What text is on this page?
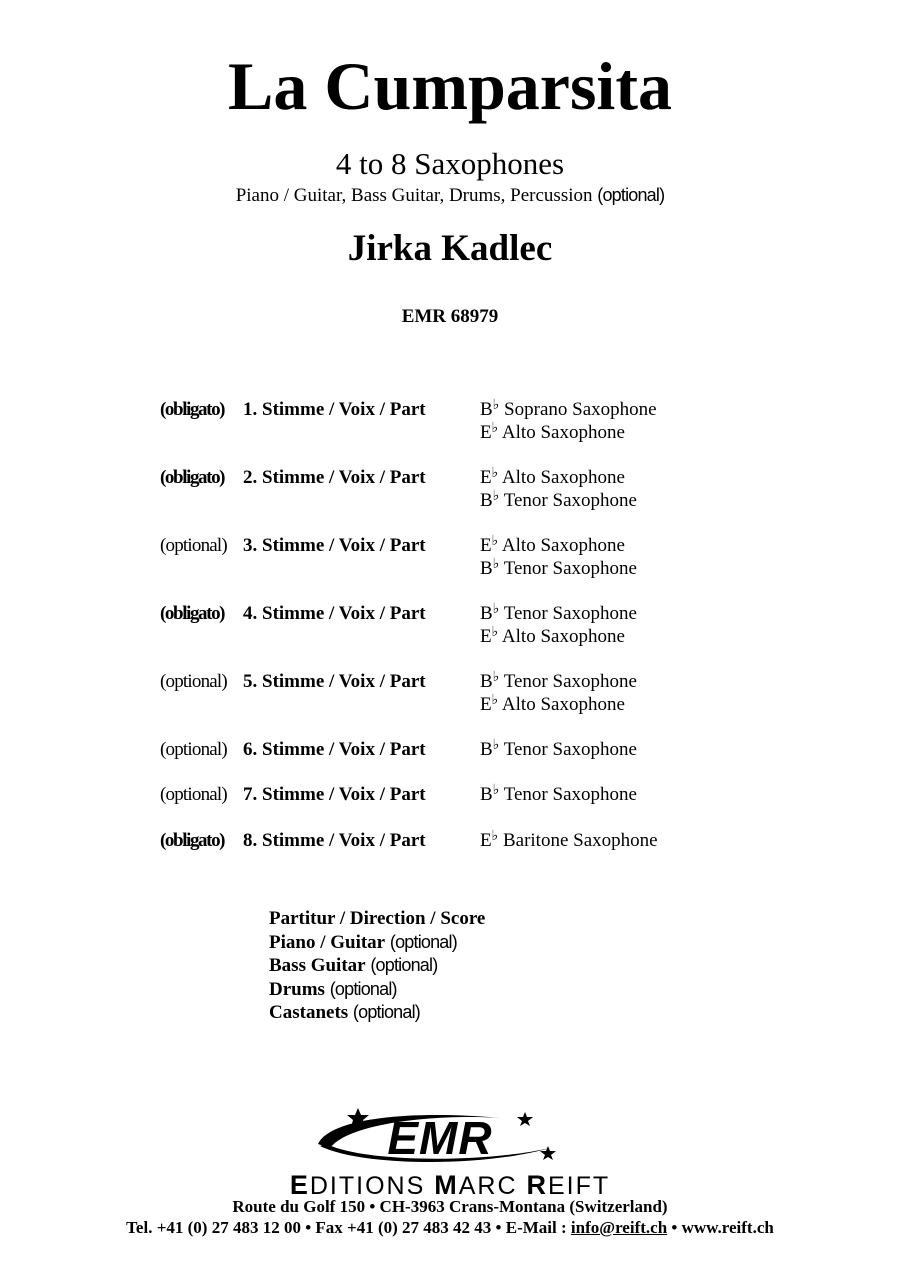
La Cumparsita
4 to 8 Saxophones
Piano / Guitar, Bass Guitar, Drums, Percussion (optional)
Jirka Kadlec
EMR 68979
(obligato) 1. Stimme / Voix / Part	B♭ Soprano Saxophone
E♭ Alto Saxophone
(obligato) 2. Stimme / Voix / Part	E♭ Alto Saxophone
B♭ Tenor Saxophone
(optional) 3. Stimme / Voix / Part	E♭ Alto Saxophone
B♭ Tenor Saxophone
(obligato) 4. Stimme / Voix / Part	B♭ Tenor Saxophone
E♭ Alto Saxophone
(optional) 5. Stimme / Voix / Part	B♭ Tenor Saxophone
E♭ Alto Saxophone
(optional) 6. Stimme / Voix / Part	B♭ Tenor Saxophone
(optional) 7. Stimme / Voix / Part	B♭ Tenor Saxophone
(obligato) 8. Stimme / Voix / Part	E♭ Baritone Saxophone
Partitur / Direction / Score
Piano / Guitar (optional)
Bass Guitar (optional)
Drums (optional)
Castanets (optional)
EMR
EDITIONS MARC REIFT
Route du Golf 150 • CH-3963 Crans-Montana (Switzerland)
Tel. +41 (0) 27 483 12 00 • Fax +41 (0) 27 483 42 43 • E-Mail : info@reift.ch • www.reift.ch
